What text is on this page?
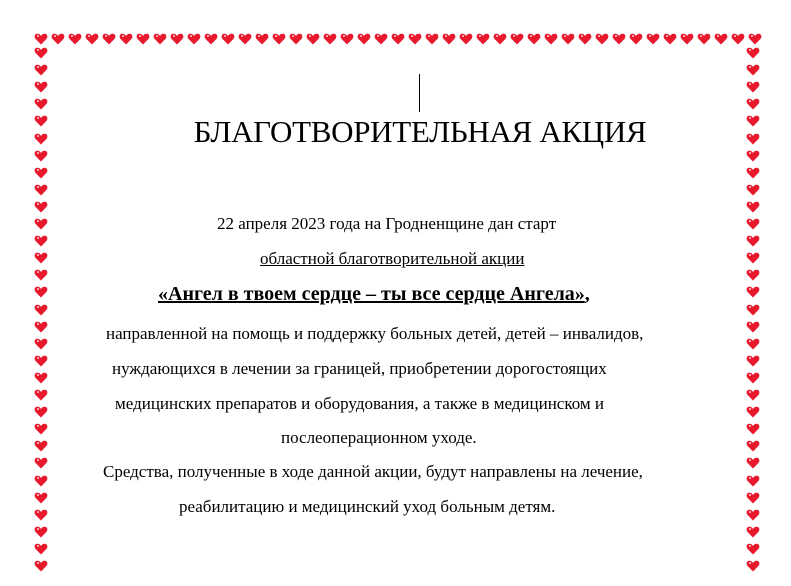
БЛАГОТВОРИТЕЛЬНАЯ АКЦИЯ
22 апреля 2023 года на Гродненщине дан старт
областной благотворительной акции
«Ангел в твоем сердце – ты все сердце Ангела»,
направленной на помощь и поддержку больных детей, детей – инвалидов,
нуждающихся в лечении за границей, приобретении дорогостоящих
медицинских препаратов и оборудования, а также в медицинском и
послеоперационном уходе.
Средства, полученные в ходе данной акции, будут направлены на лечение,
реабилитацию и медицинский уход больным детям.
